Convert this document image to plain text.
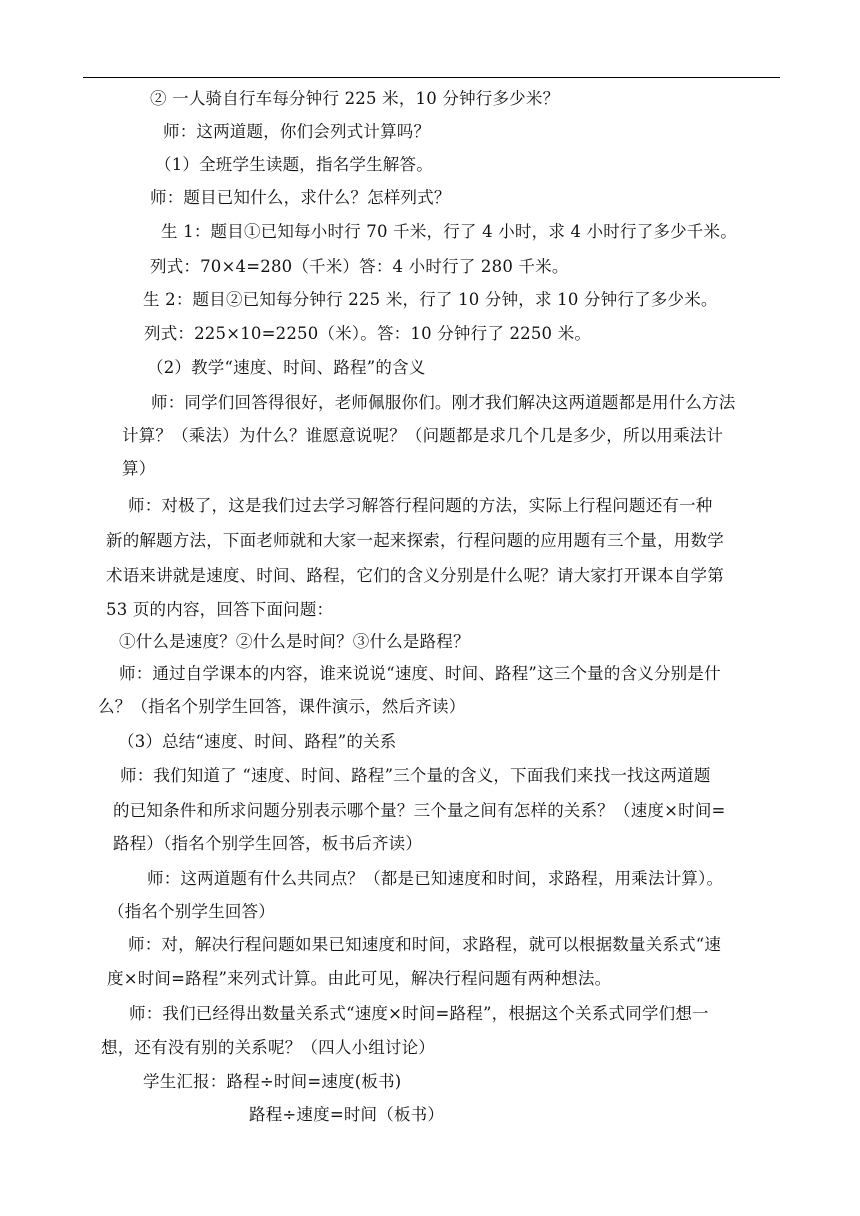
② 一人骑自行车每分钟行 225 米，10 分钟行多少米？
师：这两道题，你们会列式计算吗？
（1）全班学生读题，指名学生解答。
师：题目已知什么，求什么？怎样列式？
生 1：题目①已知每小时行 70 千米，行了 4 小时，求 4 小时行了多少千米。
列式：70×4=280（千米）答：4 小时行了 280 千米。
生 2：题目②已知每分钟行 225 米，行了 10 分钟，求 10 分钟行了多少米。
列式：225×10=2250（米）。答：10 分钟行了 2250 米。
（2）教学“速度、时间、路程”的含义
师：同学们回答得很好，老师佩服你们。刚才我们解决这两道题都是用什么方法
计算？（乘法）为什么？谁愿意说呢？（问题都是求几个几是多少，所以用乘法计
算）
师：对极了，这是我们过去学习解答行程问题的方法，实际上行程问题还有一种
新的解题方法，下面老师就和大家一起来探索，行程问题的应用题有三个量，用数学
术语来讲就是速度、时间、路程，它们的含义分别是什么呢？请大家打开课本自学第
53 页的内容，回答下面问题：
①什么是速度？②什么是时间？③什么是路程？
师：通过自学课本的内容，谁来说说“速度、时间、路程”这三个量的含义分别是什
么？（指名个别学生回答，课件演示，然后齐读）
（3）总结“速度、时间、路程”的关系
师：我们知道了 “速度、时间、路程”三个量的含义，下面我们来找一找这两道题
的已知条件和所求问题分别表示哪个量？三个量之间有怎样的关系？（速度×时间=
路程）（指名个别学生回答，板书后齐读）
师：这两道题有什么共同点？（都是已知速度和时间，求路程，用乘法计算）。
（指名个别学生回答）
师：对，解决行程问题如果已知速度和时间，求路程，就可以根据数量关系式“速
度×时间=路程”来列式计算。由此可见，解决行程问题有两种想法。
师：我们已经得出数量关系式“速度×时间=路程”，根据这个关系式同学们想一
想，还有没有别的关系呢？（四人小组讨论）
学生汇报：路程÷时间=速度(板书)
路程÷速度=时间（板书）
